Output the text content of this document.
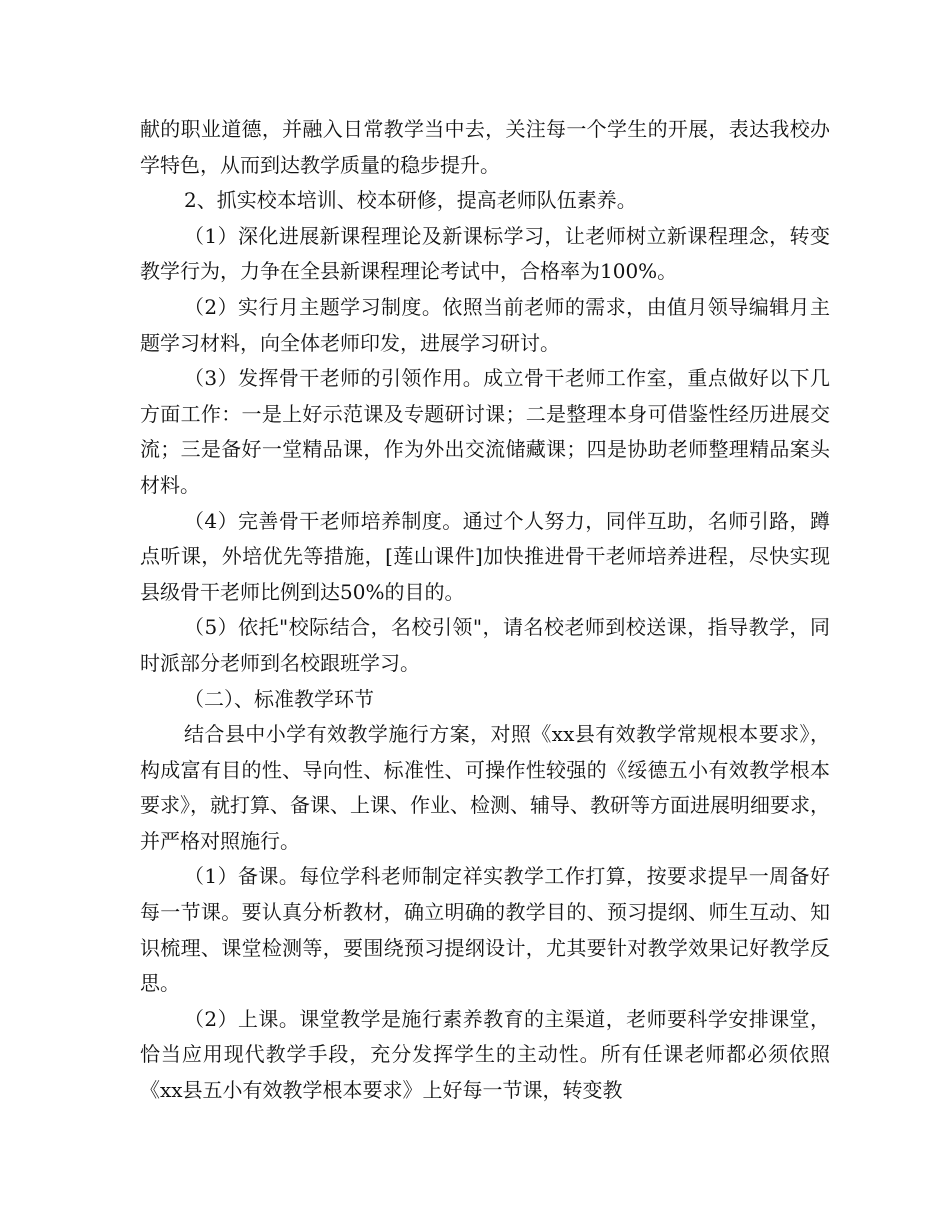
献的职业道德，并融入日常教学当中去，关注每一个学生的开展，表达我校办学特色，从而到达教学质量的稳步提升。

2、抓实校本培训、校本研修，提高老师队伍素养。

（1）深化进展新课程理论及新课标学习，让老师树立新课程理念，转变教学行为，力争在全县新课程理论考试中，合格率为100%。

（2）实行月主题学习制度。依照当前老师的需求，由值月领导编辑月主题学习材料，向全体老师印发，进展学习研讨。

（3）发挥骨干老师的引领作用。成立骨干老师工作室，重点做好以下几方面工作：一是上好示范课及专题研讨课；二是整理本身可借鉴性经历进展交流；三是备好一堂精品课，作为外出交流储藏课；四是协助老师整理精品案头材料。

（4）完善骨干老师培养制度。通过个人努力，同伴互助，名师引路，蹲点听课，外培优先等措施，[莲山课件]加快推进骨干老师培养进程，尽快实现县级骨干老师比例到达50%的目的。

（5）依托"校际结合，名校引领"，请名校老师到校送课，指导教学，同时派部分老师到名校跟班学习。

（二）、标准教学环节

结合县中小学有效教学施行方案，对照《xx县有效教学常规根本要求》，构成富有目的性、导向性、标准性、可操作性较强的《绥德五小有效教学根本要求》，就打算、备课、上课、作业、检测、辅导、教研等方面进展明细要求，并严格对照施行。

（1）备课。每位学科老师制定祥实教学工作打算，按要求提早一周备好每一节课。要认真分析教材，确立明确的教学目的、预习提纲、师生互动、知识梳理、课堂检测等，要围绕预习提纲设计，尤其要针对教学效果记好教学反思。

（2）上课。课堂教学是施行素养教育的主渠道，老师要科学安排课堂，恰当应用现代教学手段，充分发挥学生的主动性。所有任课老师都必须依照《xx县五小有效教学根本要求》上好每一节课，转变教
